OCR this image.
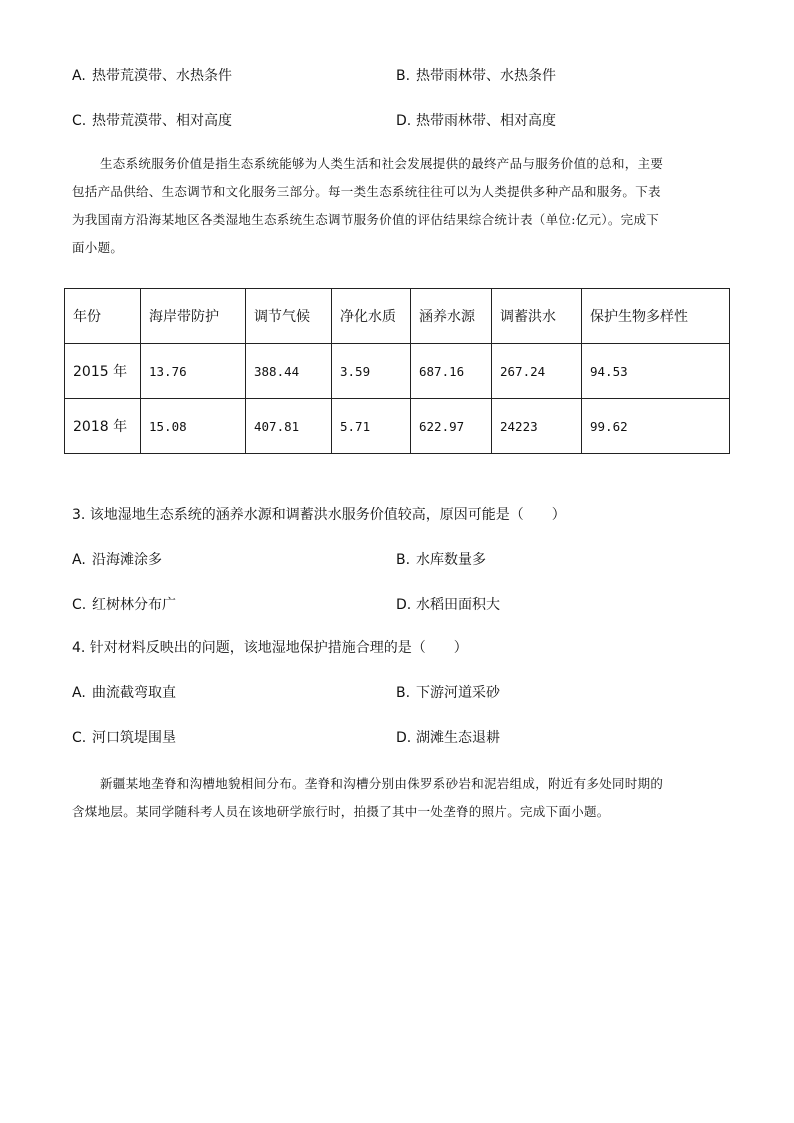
A. 热带荒漠带、水热条件	B. 热带雨林带、水热条件
C. 热带荒漠带、相对高度	D. 热带雨林带、相对高度
生态系统服务价值是指生态系统能够为人类生活和社会发展提供的最终产品与服务价值的总和，主要
包括产品供给、生态调节和文化服务三部分。每一类生态系统往往可以为人类提供多种产品和服务。下表
为我国南方沿海某地区各类湿地生态系统生态调节服务价值的评估结果综合统计表（单位:亿元）。完成下
面小题。
年份	海岸带防护	调节气候	净化水质	涵养水源	调蓄洪水	保护生物多样性
2015 年	13.76	388.44	3.59	687.16	267.24	94.53
2018 年	15.08	407.81	5.71	622.97	24223	99.62
3. 该地湿地生态系统的涵养水源和调蓄洪水服务价值较高，原因可能是（　　）
A. 沿海滩涂多	B. 水库数量多
C. 红树林分布广	D. 水稻田面积大
4. 针对材料反映出的问题，该地湿地保护措施合理的是（　　）
A. 曲流截弯取直	B. 下游河道采砂
C. 河口筑堤围垦	D. 湖滩生态退耕
新疆某地垄脊和沟槽地貌相间分布。垄脊和沟槽分别由侏罗系砂岩和泥岩组成，附近有多处同时期的
含煤地层。某同学随科考人员在该地研学旅行时，拍摄了其中一处垄脊的照片。完成下面小题。
